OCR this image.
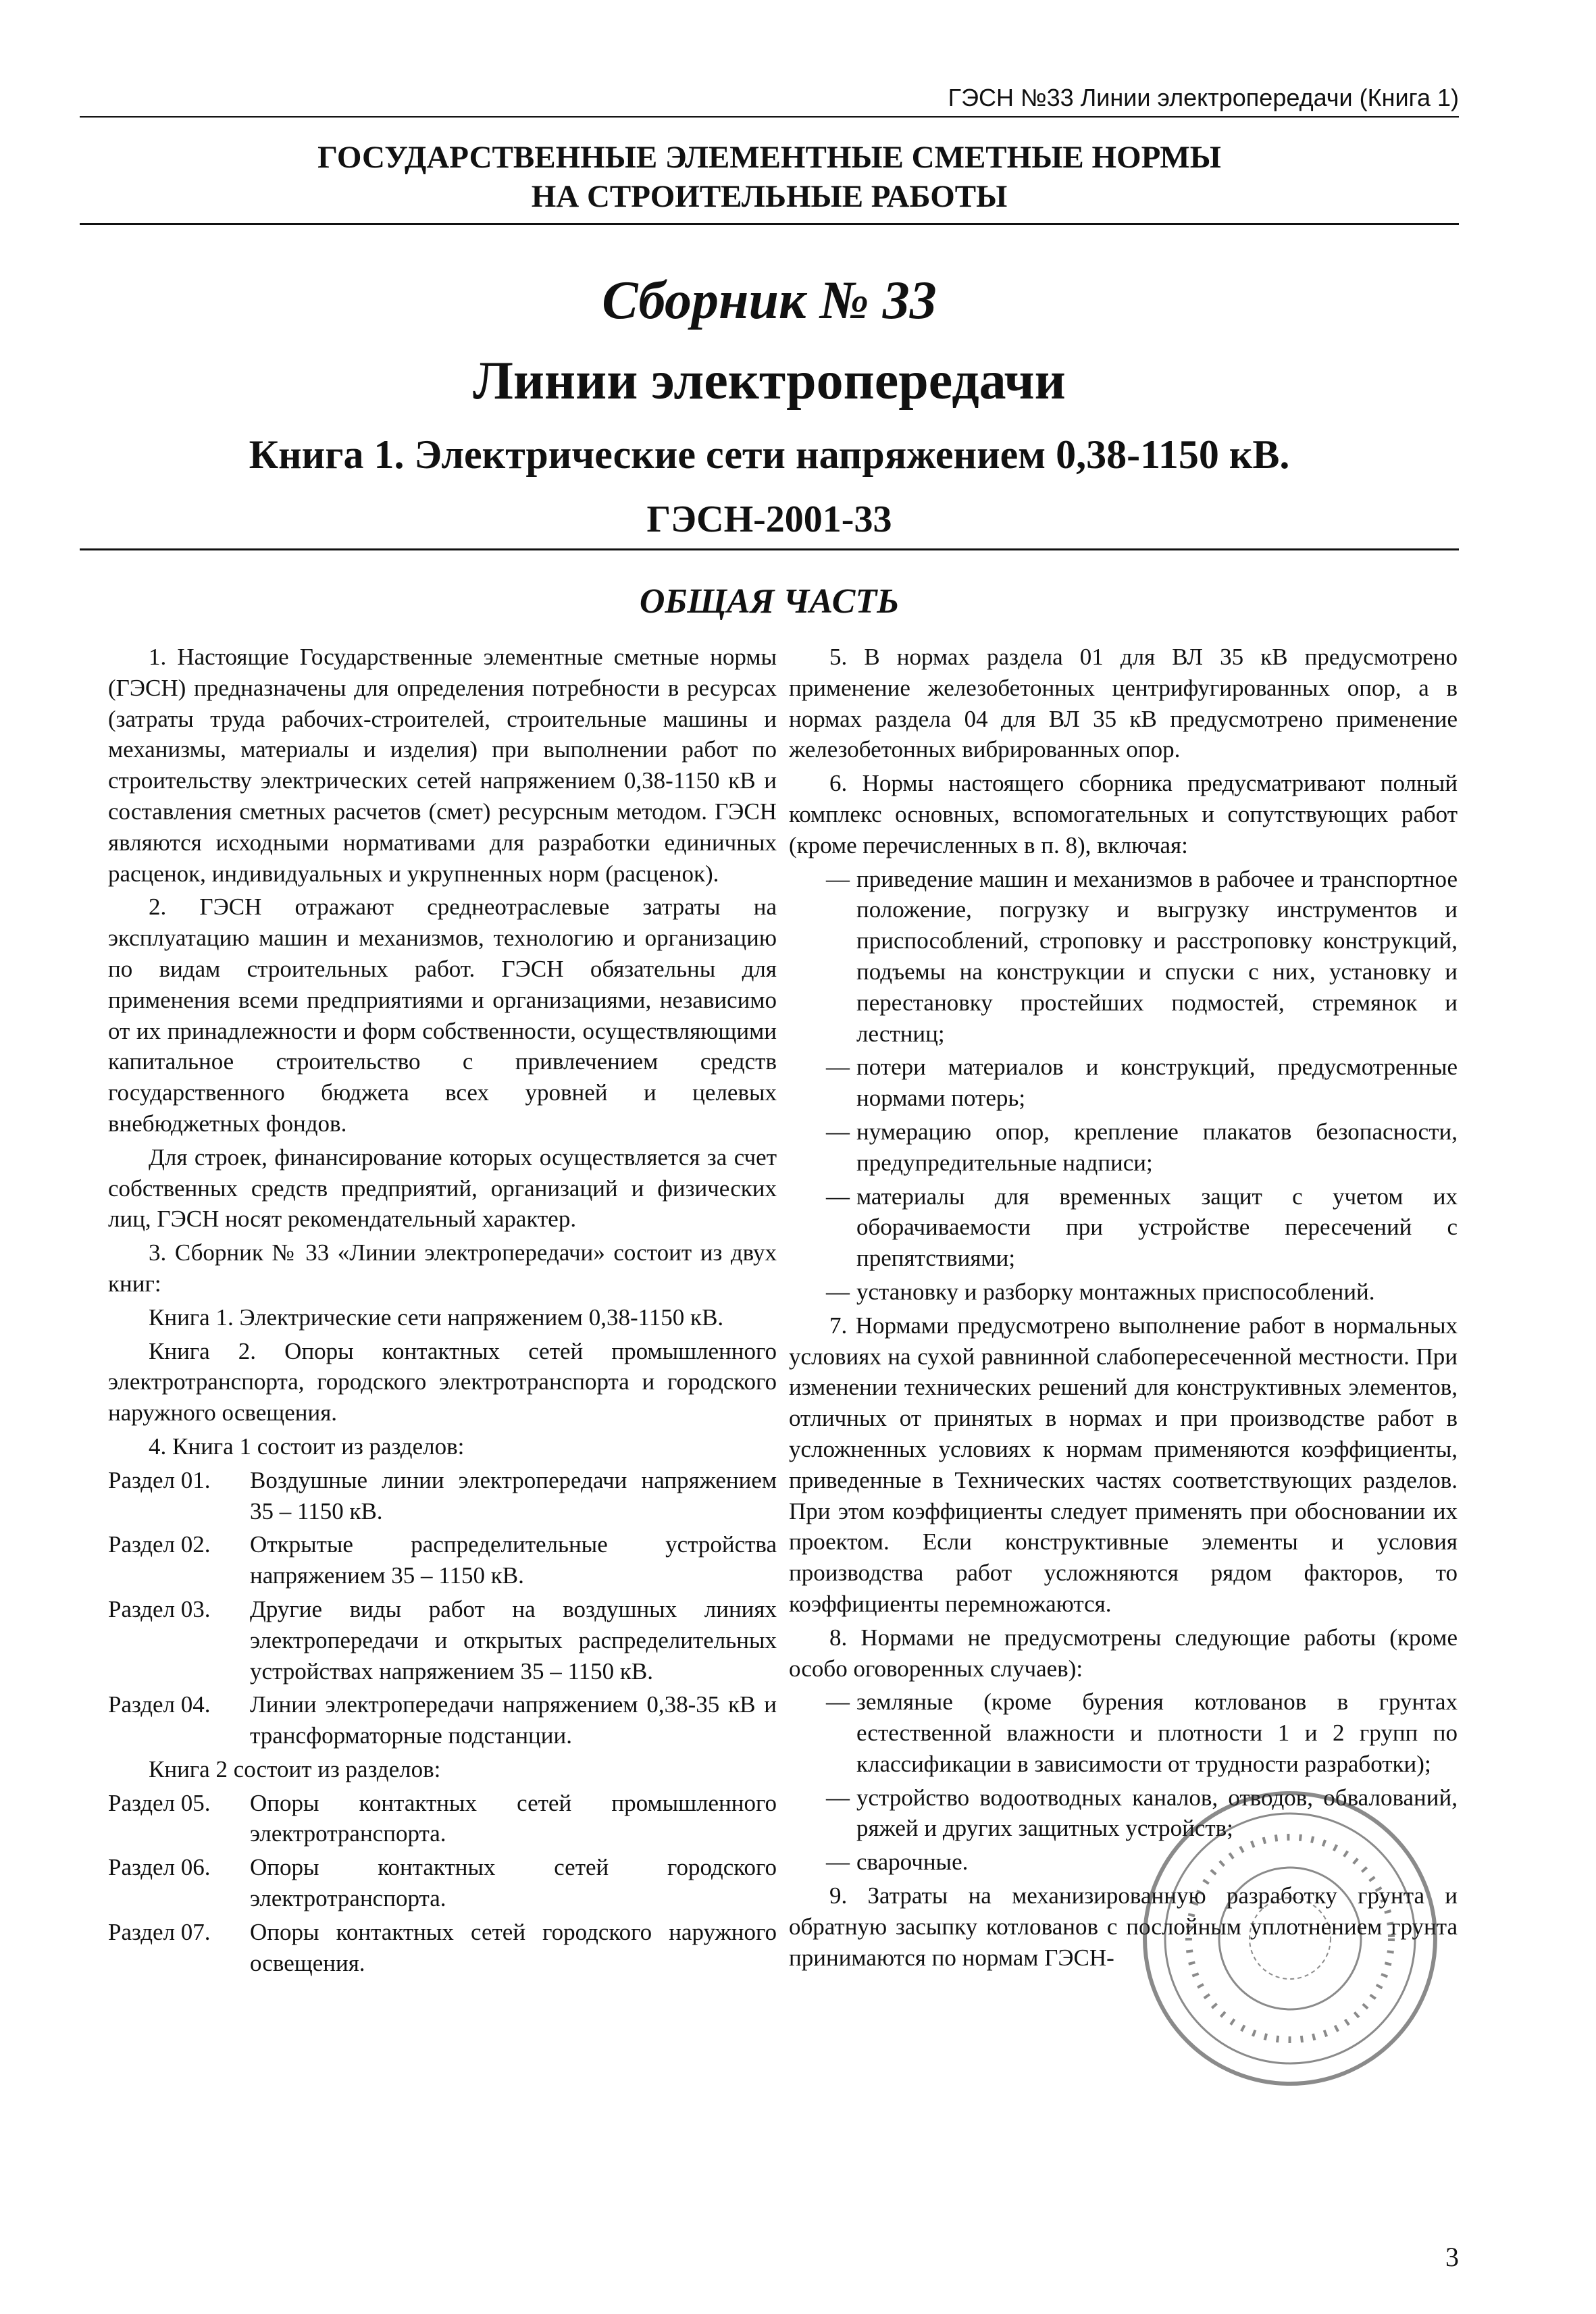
ГЭСН №33 Линии электропередачи (Книга 1)
ГОСУДАРСТВЕННЫЕ ЭЛЕМЕНТНЫЕ СМЕТНЫЕ НОРМЫ
НА СТРОИТЕЛЬНЫЕ РАБОТЫ
Сборник № 33
Линии электропередачи
Книга 1. Электрические сети напряжением 0,38-1150 кВ.
ГЭСН-2001-33
ОБЩАЯ ЧАСТЬ

1. Настоящие Государственные элементные сметные нормы (ГЭСН) предназначены для определения потребности в ресурсах (затраты труда рабочих-строителей, строительные машины и механизмы, материалы и изделия) при выполнении работ по строительству электрических сетей напряжением 0,38-1150 кВ и составления сметных расчетов (смет) ресурсным методом. ГЭСН являются исходными нормативами для разработки единичных расценок, индивидуальных и укрупненных норм (расценок).

2. ГЭСН отражают среднеотраслевые затраты на эксплуатацию машин и механизмов, технологию и организацию по видам строительных работ. ГЭСН обязательны для применения всеми предприятиями и организациями, независимо от их принадлежности и форм собственности, осуществляющими капитальное строительство с привлечением средств государственного бюджета всех уровней и целевых внебюджетных фондов.

Для строек, финансирование которых осуществляется за счет собственных средств предприятий, организаций и физических лиц, ГЭСН носят рекомендательный характер.

3. Сборник № 33 «Линии электропередачи» состоит из двух книг:

Книга 1. Электрические сети напряжением 0,38-1150 кВ.

Книга 2. Опоры контактных сетей промышленного электротранспорта, городского электротранспорта и городского наружного освещения.

4. Книга 1 состоит из разделов:

Раздел 01.	Воздушные линии электропередачи напряжением 35 – 1150 кВ.
Раздел 02.	Открытые распределительные устройства напряжением 35 – 1150 кВ.
Раздел 03.	Другие виды работ на воздушных линиях электропередачи и открытых распределительных устройствах напряжением 35 – 1150 кВ.
Раздел 04.	Линии электропередачи напряжением 0,38-35 кВ и трансформаторные подстанции.

Книга 2 состоит из разделов:

Раздел 05.	Опоры контактных сетей промышленного электротранспорта.
Раздел 06.	Опоры контактных сетей городского электротранспорта.
Раздел 07.	Опоры контактных сетей городского наружного освещения.

5. В нормах раздела 01 для ВЛ 35 кВ предусмотрено применение железобетонных центрифугированных опор, а в нормах раздела 04 для ВЛ 35 кВ предусмотрено применение железобетонных вибрированных опор.

6. Нормы настоящего сборника предусматривают полный комплекс основных, вспомогательных и сопутствующих работ (кроме перечисленных в п. 8), включая:

— приведение машин и механизмов в рабочее и транспортное положение, погрузку и выгрузку инструментов и приспособлений, строповку и расстроповку конструкций, подъемы на конструкции и спуски с них, установку и перестановку простейших подмостей, стремянок и лестниц;
— потери материалов и конструкций, предусмотренные нормами потерь;
— нумерацию опор, крепление плакатов безопасности, предупредительные надписи;
— материалы для временных защит с учетом их оборачиваемости при устройстве пересечений с препятствиями;
— установку и разборку монтажных приспособлений.

7. Нормами предусмотрено выполнение работ в нормальных условиях на сухой равнинной слабопересеченной местности. При изменении технических решений для конструктивных элементов, отличных от принятых в нормах и при производстве работ в усложненных условиях к нормам применяются коэффициенты, приведенные в Технических частях соответствующих разделов. При этом коэффициенты следует применять при обосновании их проектом. Если конструктивные элементы и условия производства работ усложняются рядом факторов, то коэффициенты перемножаются.

8. Нормами не предусмотрены следующие работы (кроме особо оговоренных случаев):

— земляные (кроме бурения котлованов в грунтах естественной влажности и плотности 1 и 2 групп по классификации в зависимости от трудности разработки);
— устройство водоотводных каналов, отводов, обвалований, ряжей и других защитных устройств;
— сварочные.

9. Затраты на механизированную разработку грунта и обратную засыпку котлованов с послойным уплотнением грунта принимаются по нормам ГЭСН-

3
